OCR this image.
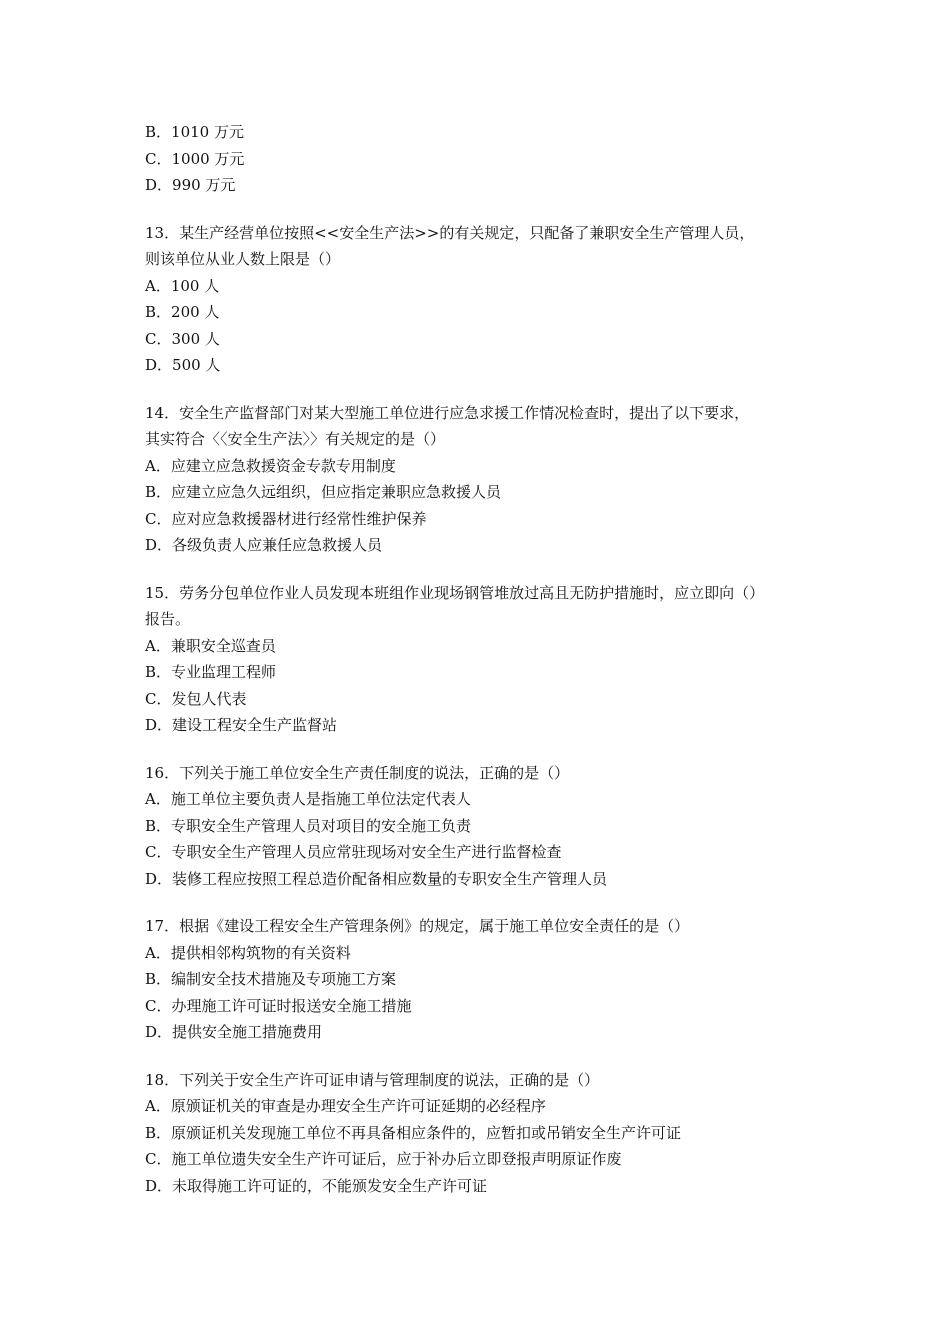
B．1010 万元
C．1000 万元
D．990 万元
13．某生产经营单位按照<<安全生产法>>的有关规定，只配备了兼职安全生产管理人员，
则该单位从业人数上限是（）
A．100 人
B．200 人
C．300 人
D．500 人
14．安全生产监督部门对某大型施工单位进行应急求援工作情况检查时，提出了以下要求，
其实符合〈〈安全生产法〉〉有关规定的是（）
A．应建立应急救援资金专款专用制度
B．应建立应急久远组织，但应指定兼职应急救援人员
C．应对应急救援器材进行经常性维护保养
D．各级负责人应兼任应急救援人员
15．劳务分包单位作业人员发现本班组作业现场钢管堆放过高且无防护措施时，应立即向（）
报告。
A．兼职安全巡查员
B．专业监理工程师
C．发包人代表
D．建设工程安全生产监督站
16．下列关于施工单位安全生产责任制度的说法，正确的是（）
A．施工单位主要负责人是指施工单位法定代表人
B．专职安全生产管理人员对项目的安全施工负责
C．专职安全生产管理人员应常驻现场对安全生产进行监督检查
D．装修工程应按照工程总造价配备相应数量的专职安全生产管理人员
17．根据《建设工程安全生产管理条例》的规定，属于施工单位安全责任的是（）
A．提供相邻构筑物的有关资料
B．编制安全技术措施及专项施工方案
C．办理施工许可证时报送安全施工措施
D．提供安全施工措施费用
18．下列关于安全生产许可证申请与管理制度的说法，正确的是（）
A．原颁证机关的审查是办理安全生产许可证延期的必经程序
B．原颁证机关发现施工单位不再具备相应条件的，应暂扣或吊销安全生产许可证
C．施工单位遗失安全生产许可证后，应于补办后立即登报声明原证作废
D．未取得施工许可证的，不能颁发安全生产许可证
